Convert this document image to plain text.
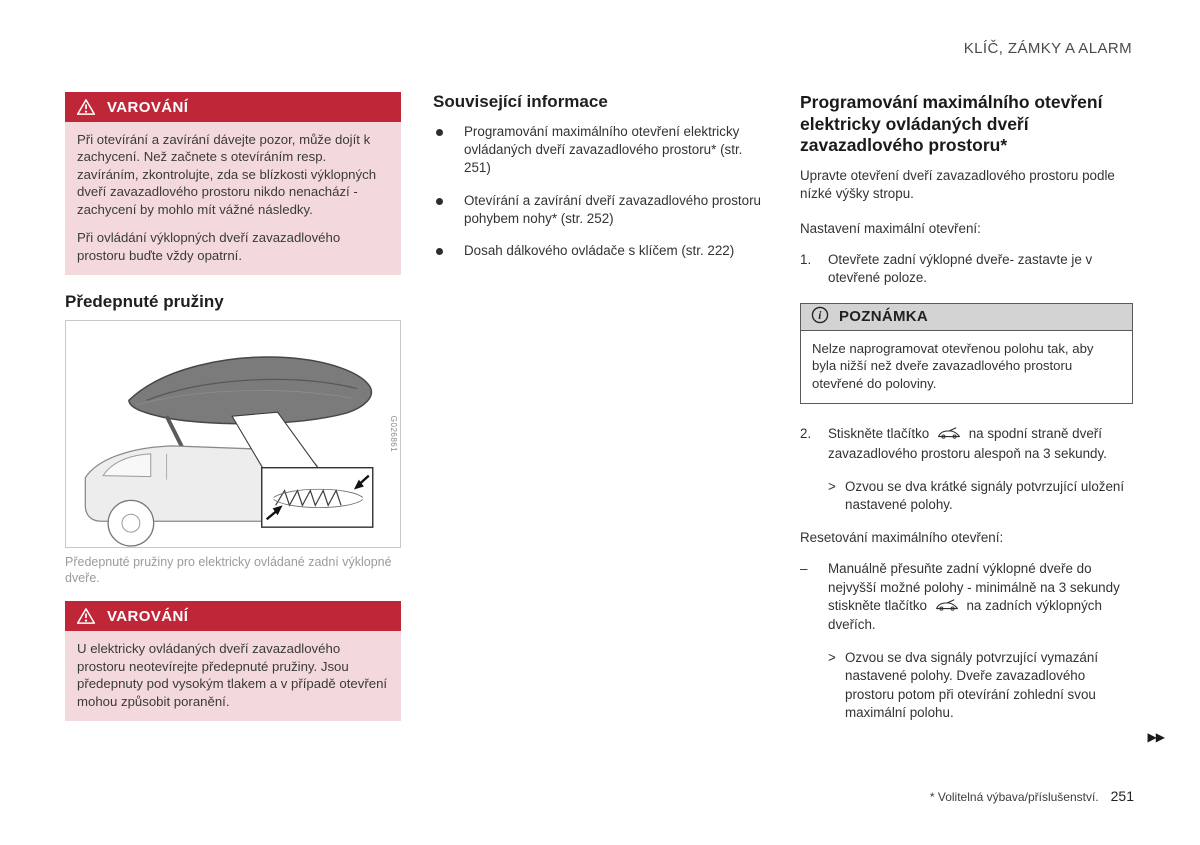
KLÍČ, ZÁMKY A ALARM
VAROVÁNÍ

Při otevírání a zavírání dávejte pozor, může dojít k zachycení. Než začnete s otevíráním resp. zavíráním, zkontrolujte, zda se blízkosti výklopných dveří zavazadlového prostoru nikdo nenachází - zachycení by mohlo mít vážné následky.

Při ovládání výklopných dveří zavazadlového prostoru buďte vždy opatrní.

Předepnuté pružiny
G026861

Předepnuté pružiny pro elektricky ovládané zadní výklopné dveře.

VAROVÁNÍ

U elektricky ovládaných dveří zavazadlového prostoru neotevírejte předepnuté pružiny. Jsou předepnuty pod vysokým tlakem a v případě otevření mohou způsobit poranění.

Související informace

Programování maximálního otevření elektricky ovládaných dveří zavazadlového prostoru* (str. 251)

Otevírání a zavírání dveří zavazadlového prostoru pohybem nohy* (str. 252)

Dosah dálkového ovládače s klíčem (str. 222)

Programování maximálního otevření elektricky ovládaných dveří zavazadlového prostoru*

Upravte otevření dveří zavazadlového prostoru podle nízké výšky stropu.

Nastavení maximální otevření:

1.	Otevřete zadní výklopné dveře- zastavte je v otevřené poloze.

i POZNÁMKA

Nelze naprogramovat otevřenou polohu tak, aby byla nižší než dveře zavazadlového prostoru otevřené do poloviny.

2.	Stiskněte tlačítko	na spodní straně dveří zavazadlového prostoru alespoň na 3 sekundy.

> Ozvou se dva krátké signály potvrzující uložení nastavené polohy.

Resetování maximálního otevření:

–	Manuálně přesuňte zadní výklopné dveře do nejvyšší možné polohy - minimálně na 3 sekundy stiskněte tlačítko	na zadních výklopných dveřích.

> Ozvou se dva signály potvrzující vymazání nastavené polohy. Dveře zavazadlového prostoru potom při otevírání zohlední svou maximální polohu.

▶▶
* Volitelná výbava/příslušenství. 251
